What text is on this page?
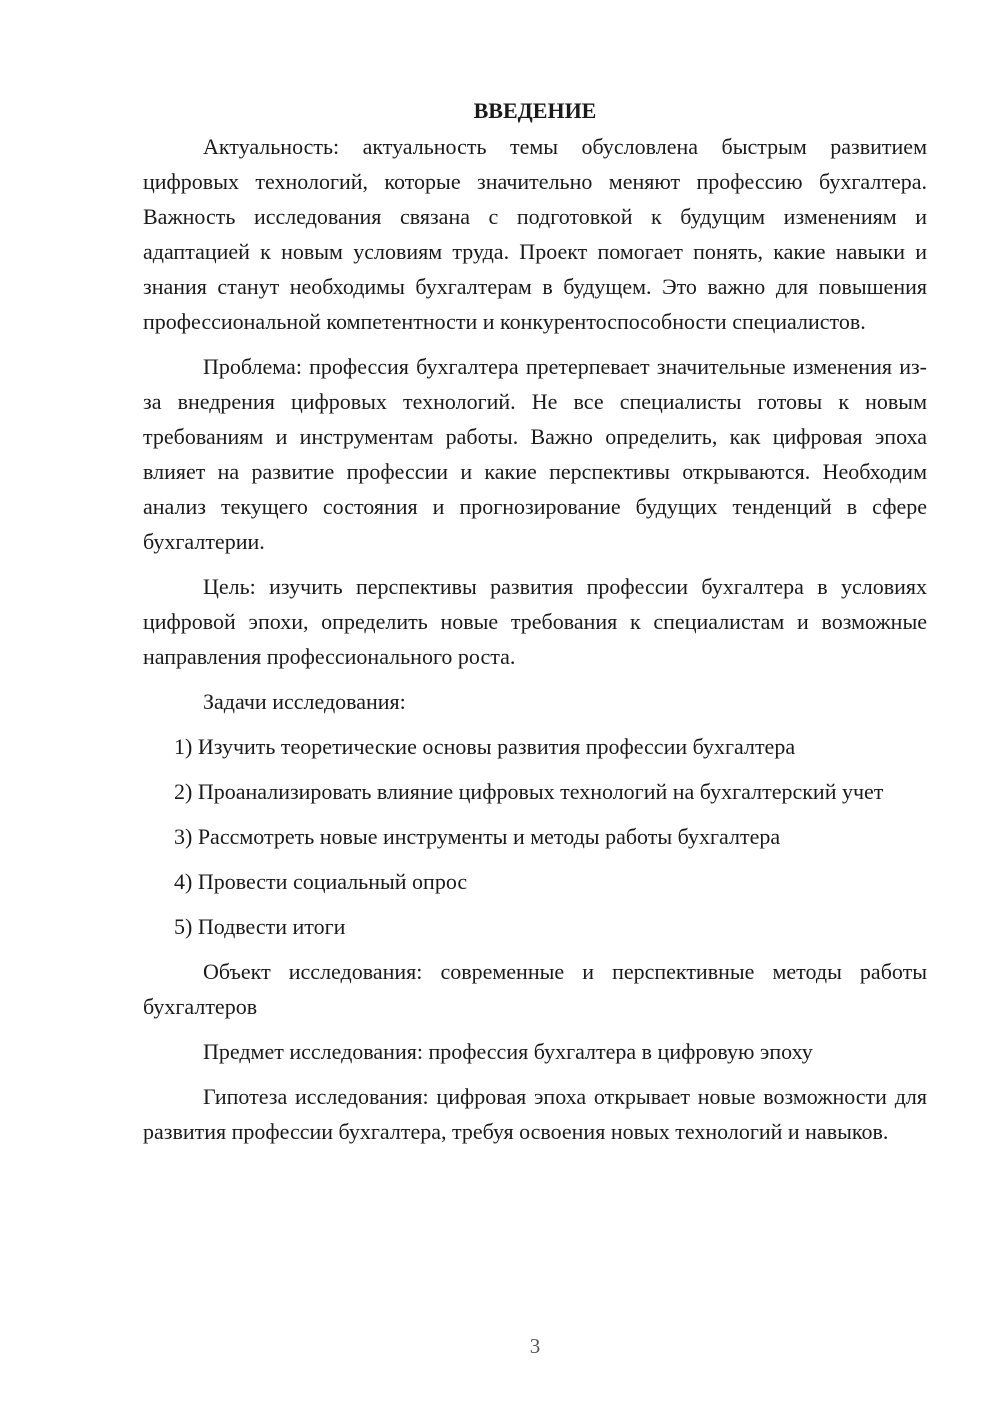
ВВЕДЕНИЕ

Актуальность: актуальность темы обусловлена быстрым развитием цифровых технологий, которые значительно меняют профессию бухгалтера. Важность исследования связана с подготовкой к будущим изменениям и адаптацией к новым условиям труда. Проект помогает понять, какие навыки и знания станут необходимы бухгалтерам в будущем. Это важно для повышения профессиональной компетентности и конкурентоспособности специалистов.

Проблема: профессия бухгалтера претерпевает значительные изменения из-за внедрения цифровых технологий. Не все специалисты готовы к новым требованиям и инструментам работы. Важно определить, как цифровая эпоха влияет на развитие профессии и какие перспективы открываются. Необходим анализ текущего состояния и прогнозирование будущих тенденций в сфере бухгалтерии.

Цель: изучить перспективы развития профессии бухгалтера в условиях цифровой эпохи, определить новые требования к специалистам и возможные направления профессионального роста.

Задачи исследования:

1) Изучить теоретические основы развития профессии бухгалтера

2) Проанализировать влияние цифровых технологий на бухгалтерский учет

3) Рассмотреть новые инструменты и методы работы бухгалтера

4) Провести социальный опрос

5) Подвести итоги

Объект исследования: современные и перспективные методы работы бухгалтеров

Предмет исследования: профессия бухгалтера в цифровую эпоху

Гипотеза исследования: цифровая эпоха открывает новые возможности для развития профессии бухгалтера, требуя освоения новых технологий и навыков.

3
